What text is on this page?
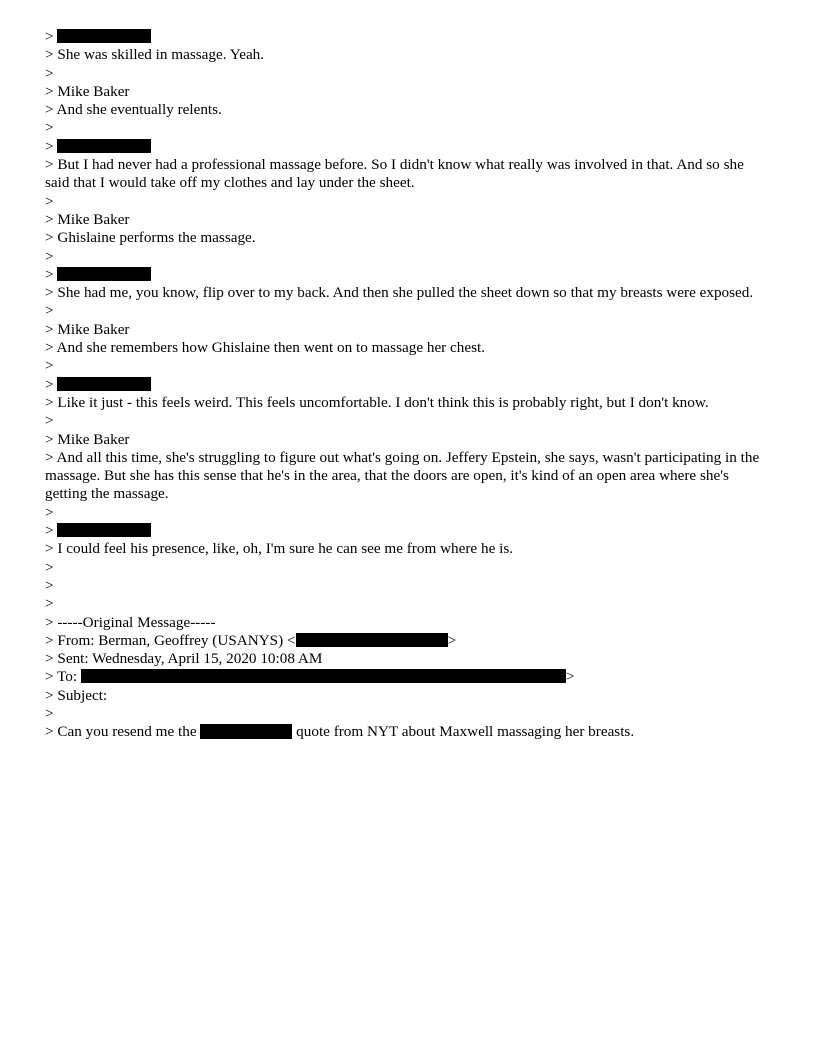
>
> She was skilled in massage. Yeah.
>
> Mike Baker
> And she eventually relents.
>
>
> But I had never had a professional massage before. So I didn't know what really was involved in that. And so she said that I would take off my clothes and lay under the sheet.
>
> Mike Baker
> Ghislaine performs the massage.
>
>
> She had me, you know, flip over to my back. And then she pulled the sheet down so that my breasts were exposed.
>
> Mike Baker
> And she remembers how Ghislaine then went on to massage her chest.
>
>
> Like it just - this feels weird. This feels uncomfortable. I don't think this is probably right, but I don't know.
>
> Mike Baker
> And all this time, she's struggling to figure out what's going on. Jeffery Epstein, she says, wasn't participating in the massage. But she has this sense that he's in the area, that the doors are open, it's kind of an open area where she's getting the massage.
>
>
> I could feel his presence, like, oh, I'm sure he can see me from where he is.
>
>
>
> -----Original Message-----
> From: Berman, Geoffrey (USANYS) <	>
> Sent: Wednesday, April 15, 2020 10:08 AM
> To:	>
> Subject:
>
> Can you resend me the	quote from NYT about Maxwell massaging her breasts.
